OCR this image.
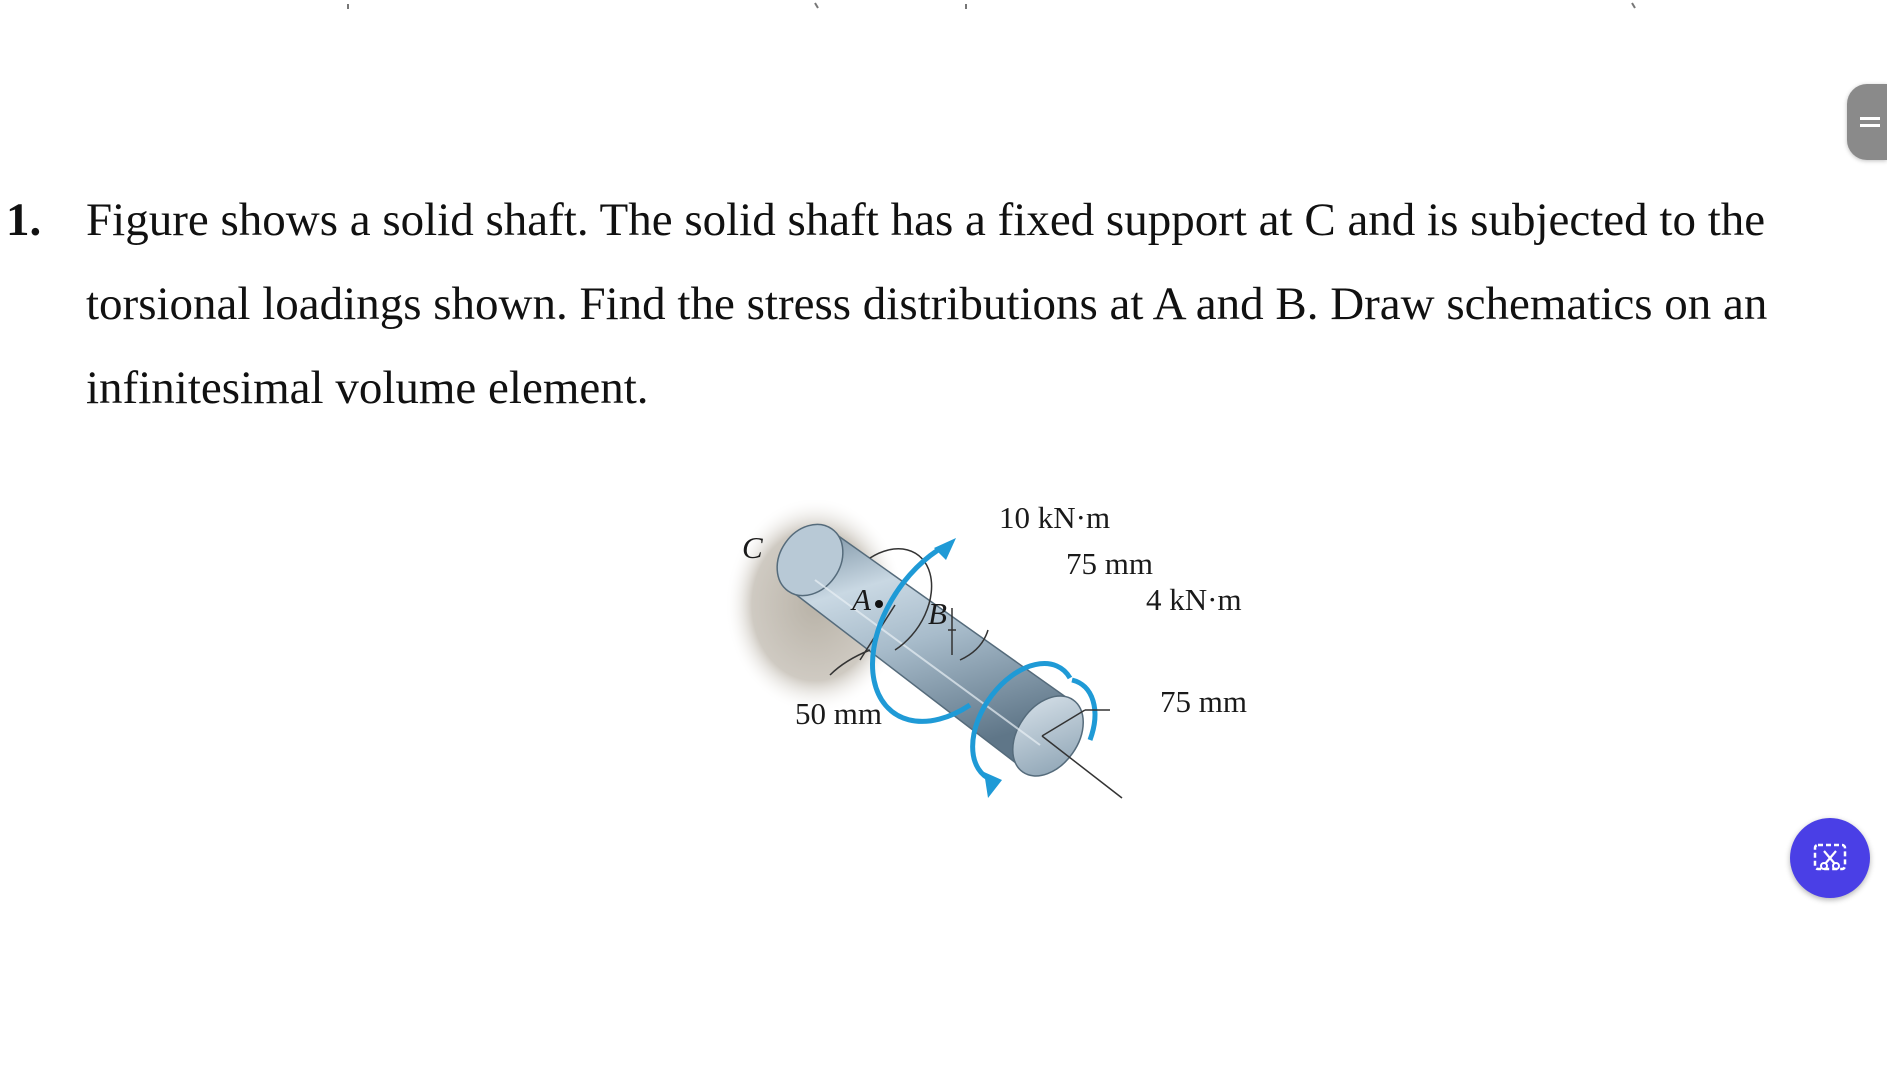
1. Figure shows a solid shaft. The solid shaft has a fixed support at C and is subjected to the
torsional loadings shown. Find the stress distributions at A and B. Draw schematics on an
infinitesimal volume element.
C
A B
10 kN·m
75 mm
4 kN·m
75 mm
50 mm
